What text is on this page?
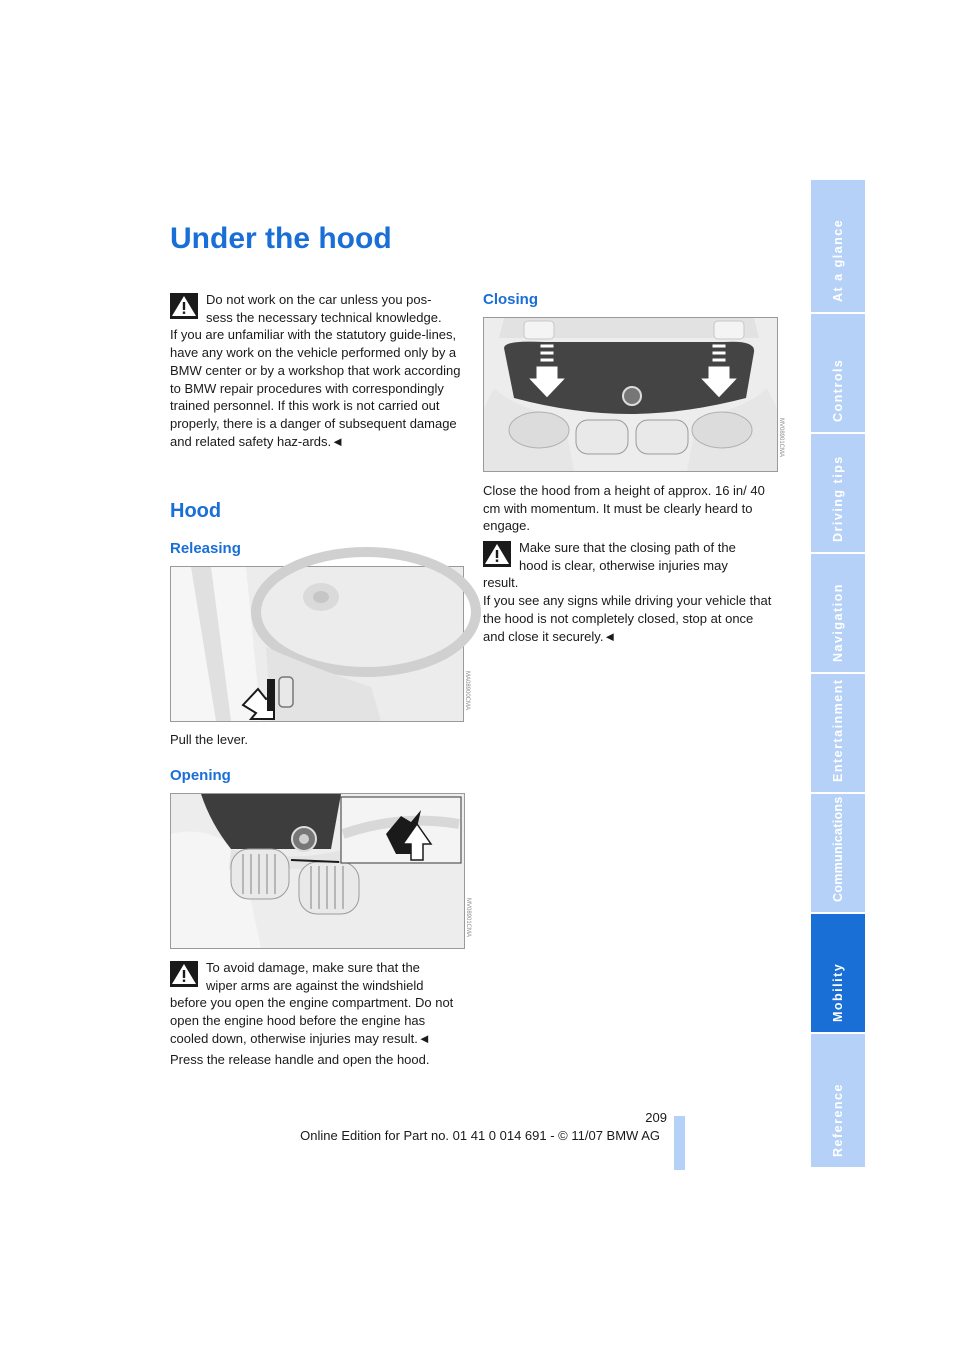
Under the hood
Do not work on the car unless you pos-
sess the necessary technical knowledge.
If you are unfamiliar with the statutory guide-lines, have any work on the vehicle performed only by a BMW center or by a workshop that work according to BMW repair procedures with correspondingly trained personnel. If this work is not carried out properly, there is a danger of subsequent damage and related safety haz-ards.◄
Hood
Releasing
MA08900CMA

Pull the lever.

Opening
MV08901CMA
To avoid damage, make sure that the
wiper arms are against the windshield
before you open the engine compartment. Do not open the engine hood before the engine has cooled down, otherwise injuries may result.◄

Press the release handle and open the hood.

Closing
MV08901CMA

Close the hood from a height of approx. 16 in/ 40 cm with momentum. It must be clearly heard to engage.

Make sure that the closing path of the
hood is clear, otherwise injuries may
result.
If you see any signs while driving your vehicle that the hood is not completely closed, stop at once and close it securely.◄
At a glance
Controls
Driving tips
Navigation
Entertainment
Communications
Mobility
Reference
209
Online Edition for Part no. 01 41 0 014 691 - © 11/07 BMW AG
